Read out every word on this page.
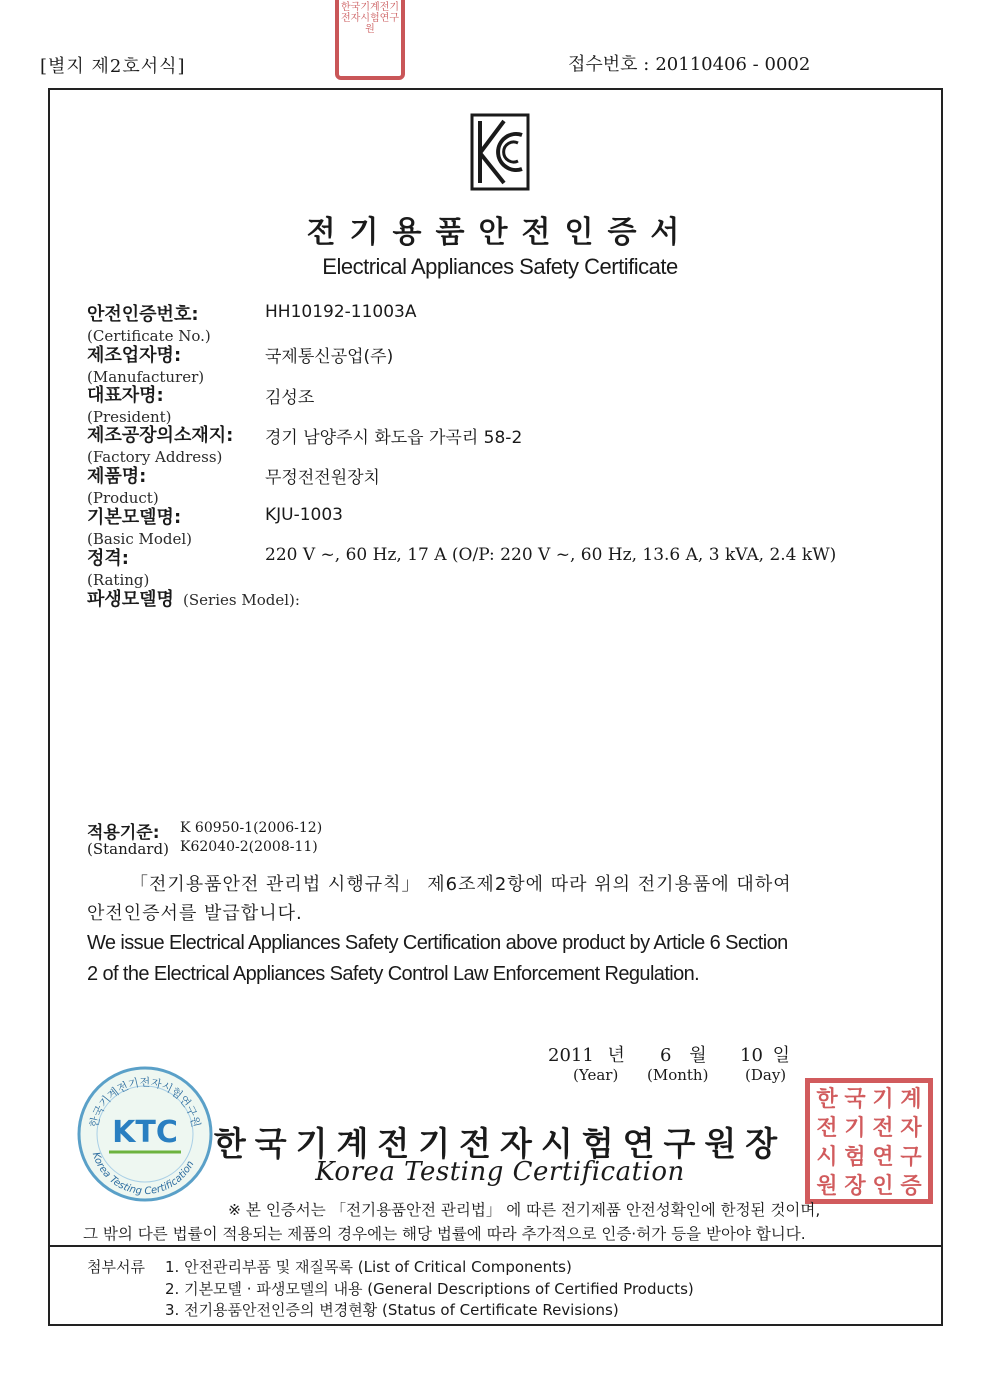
한국기계전기전자시험연구원
[별지 제2호서식]	접수번호 : 20110406 - 0002
전기용품안전인증서
Electrical Appliances Safety Certificate
안전인증번호:
(Certificate No.)
HH10192-11003A
제조업자명:
(Manufacturer)
국제통신공업(주)
대표자명:
(President)
김성조
제조공장의소재지:
(Factory Address)
경기 남양주시 화도읍 가곡리 58-2
제품명:
(Product)
무정전전원장치
기본모델명:
(Basic Model)
KJU-1003
정격:
(Rating)
220 V ~, 60 Hz, 17 A (O/P: 220 V ~, 60 Hz, 13.6 A, 3 kVA, 2.4 kW)
파생모델명 (Series Model):
적용기준:
(Standard)
K 60950-1(2006-12)
K62040-2(2008-11)
「전기용품안전 관리법 시행규칙」 제6조제2항에 따라 위의 전기용품에 대하여
안전인증서를 발급합니다.
We issue Electrical Appliances Safety Certification above product by Article 6 Section
2 of the Electrical Appliances Safety Control Law Enforcement Regulation.
2011 년 6 월 10 일
(Year) (Month) (Day)
한국기계전기전자시험연구원
KTC
Korea Testing Certification
한국기계전기전자시험연구원장
Korea Testing Certification
한 국 기 계
전 기 전 자
시 험 연 구
원 장 인 증
※ 본 인증서는 「전기용품안전 관리법」 에 따른 전기제품 안전성확인에 한정된 것이며,
그 밖의 다른 법률이 적용되는 제품의 경우에는 해당 법률에 따라 추가적으로 인증·허가 등을 받아야 합니다.
첨부서류 1. 안전관리부품 및 재질목록 (List of Critical Components)
2. 기본모델 · 파생모델의 내용 (General Descriptions of Certified Products)
3. 전기용품안전인증의 변경현황 (Status of Certificate Revisions)
